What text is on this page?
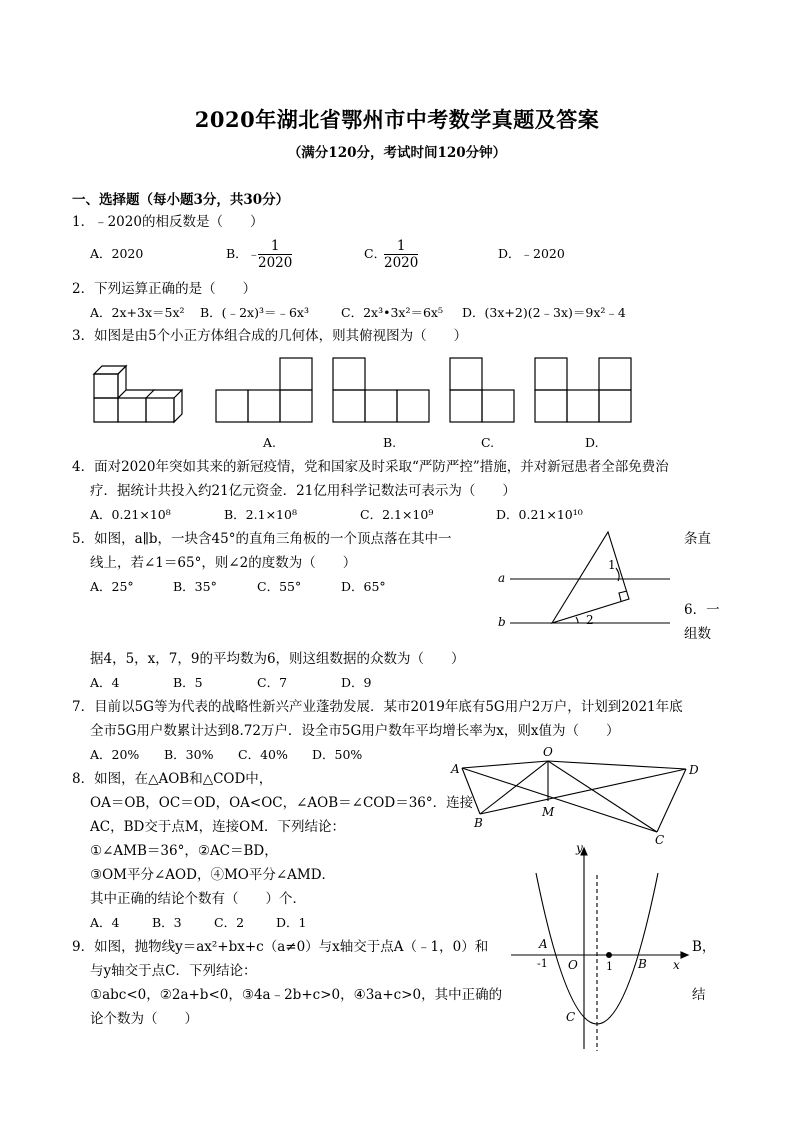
2020年湖北省鄂州市中考数学真题及答案
（满分120分，考试时间120分钟）
一、选择题（每小题3分，共30分）
1．﹣2020的相反数是（　　）
A．2020	B．﹣
$\frac{1}{2020}$	C．
$\frac{1}{2020}$	D．﹣2020
2．下列运算正确的是（　　）
A．2x+3x＝5x² B．(﹣2x)³＝﹣6x³	C．2x³•3x²＝6x⁵ D．(3x+2)(2﹣3x)＝9x²﹣4
3．如图是由5个小正方体组合成的几何体，则其俯视图为（　　）
A.	B.	C.	D.
4．面对2020年突如其来的新冠疫情，党和国家及时采取“严防严控”措施，并对新冠患者全部免费治
疗．据统计共投入约21亿元资金．21亿用科学记数法可表示为（　　）
A．0.21×10⁸	B．2.1×10⁸	C．2.1×10⁹	D．0.21×10¹⁰
5．如图，a∥b，一块含45°的直角三角板的一个顶点落在其中一	条直
线上，若∠1＝65°，则∠2的度数为（　　）
A．25°	B．35°	C．55°	D．65°
a
b
1
2
6．一
组数
据4，5，x，7，9的平均数为6，则这组数据的众数为（　　）
A．4	B．5	C．7	D．9
7．目前以5G等为代表的战略性新兴产业蓬勃发展．某市2019年底有5G用户2万户，计划到2021年底
全市5G用户数累计达到8.72万户．设全市5G用户数年平均增长率为x，则x值为（　　）
A．20% B．30% C．40% D．50%
8．如图，在△AOB和△COD中，
OA＝OB，OC＝OD，OA<OC，∠AOB＝∠COD＝36°．连接
AC，BD交于点M，连接OM．下列结论：
①∠AMB＝36°，②AC＝BD，
③OM平分∠AOD，④MO平分∠AMD．
其中正确的结论个数有（　　）个．
A．4	B．3	C．2	D．1
A
O
D
B
M
C
9．如图，抛物线y＝ax²+bx+c（a≠0）与x轴交于点A（﹣1，0）和	B，
与y轴交于点C．下列结论：
①abc<0，②2a+b<0，③4a﹣2b+c>0，④3a+c>0，其中正确的	结
论个数为（　　）
y
x
A
-1 O	1 B
C
